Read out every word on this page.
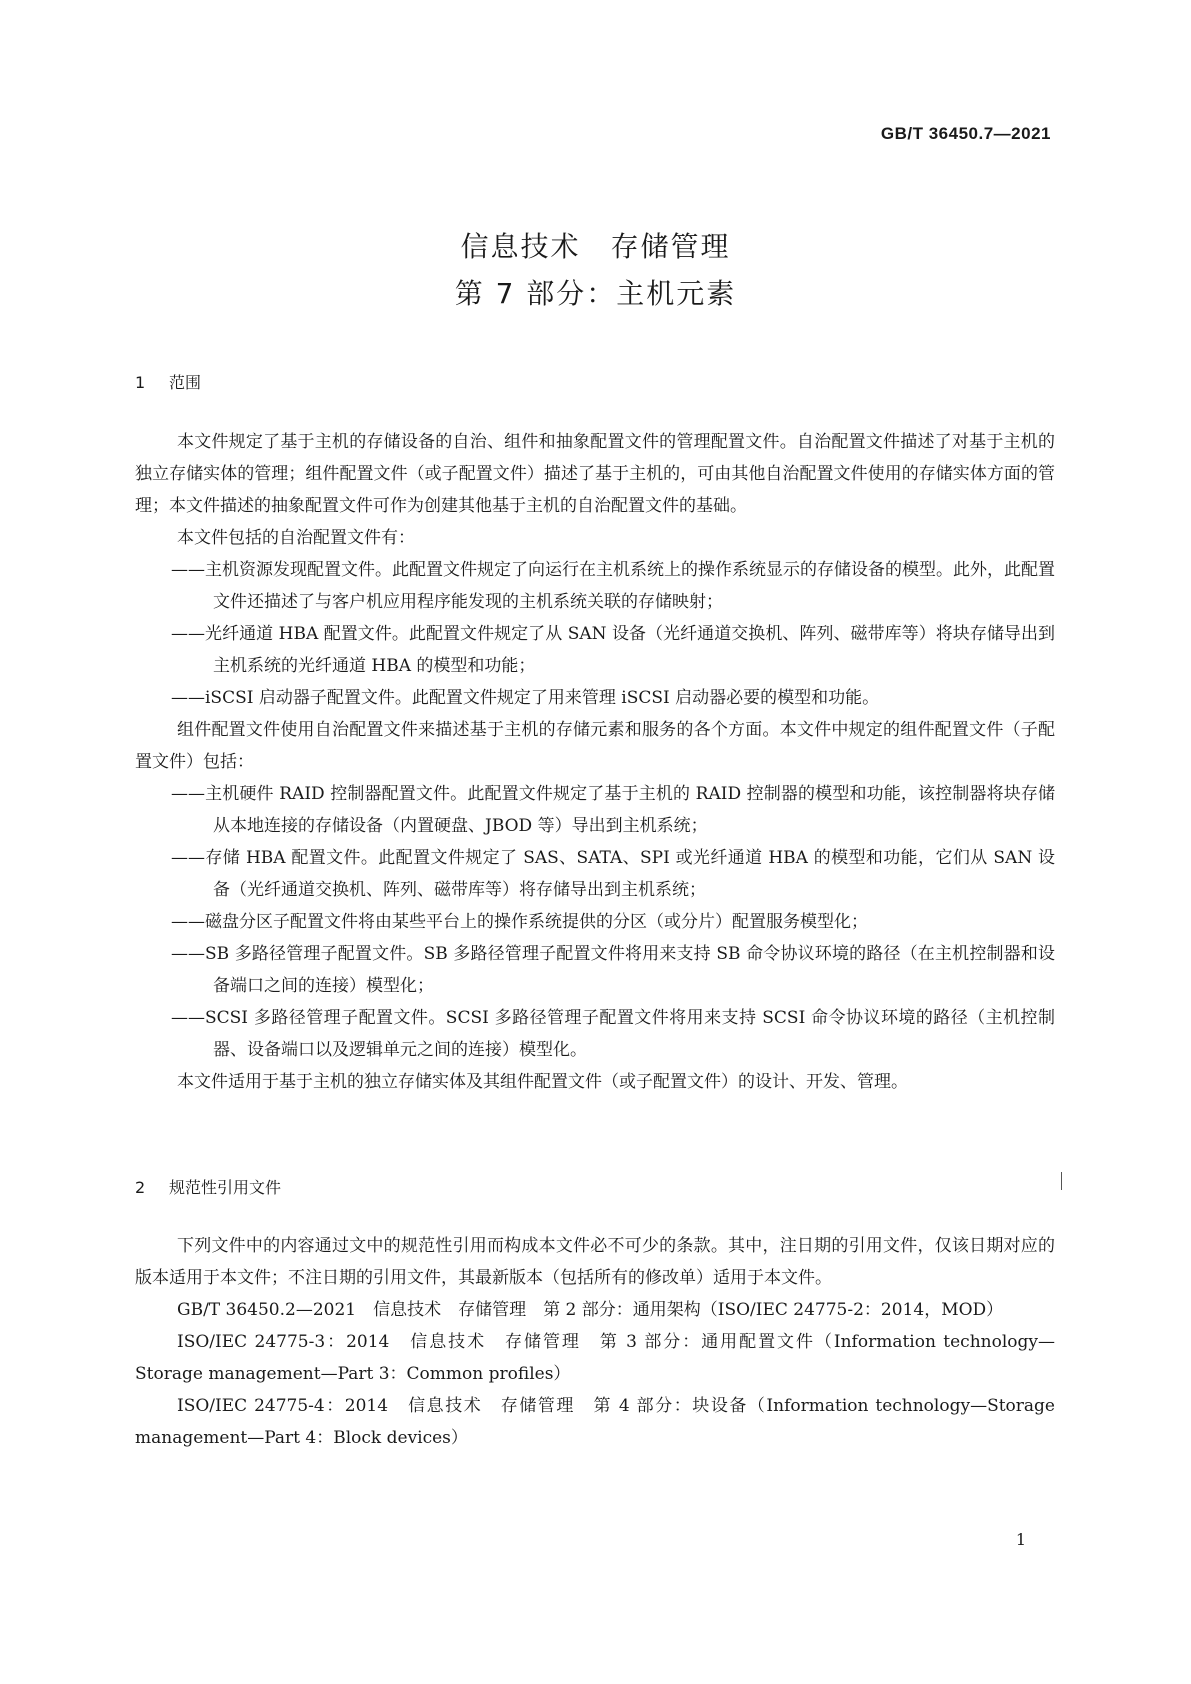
GB/T 36450.7—2021
信息技术　存储管理
第 7 部分：主机元素
1 范围

本文件规定了基于主机的存储设备的自治、组件和抽象配置文件的管理配置文件。自治配置文件描述了对基于主机的独立存储实体的管理；组件配置文件（或子配置文件）描述了基于主机的，可由其他自治配置文件使用的存储实体方面的管理；本文件描述的抽象配置文件可作为创建其他基于主机的自治配置文件的基础。

本文件包括的自治配置文件有：

——主机资源发现配置文件。此配置文件规定了向运行在主机系统上的操作系统显示的存储设备的模型。此外，此配置文件还描述了与客户机应用程序能发现的主机系统关联的存储映射；

——光纤通道 HBA 配置文件。此配置文件规定了从 SAN 设备（光纤通道交换机、阵列、磁带库等）将块存储导出到主机系统的光纤通道 HBA 的模型和功能；

——iSCSI 启动器子配置文件。此配置文件规定了用来管理 iSCSI 启动器必要的模型和功能。

组件配置文件使用自治配置文件来描述基于主机的存储元素和服务的各个方面。本文件中规定的组件配置文件（子配置文件）包括：

——主机硬件 RAID 控制器配置文件。此配置文件规定了基于主机的 RAID 控制器的模型和功能，该控制器将块存储从本地连接的存储设备（内置硬盘、JBOD 等）导出到主机系统；

——存储 HBA 配置文件。此配置文件规定了 SAS、SATA、SPI 或光纤通道 HBA 的模型和功能，它们从 SAN 设备（光纤通道交换机、阵列、磁带库等）将存储导出到主机系统；

——磁盘分区子配置文件将由某些平台上的操作系统提供的分区（或分片）配置服务模型化；

——SB 多路径管理子配置文件。SB 多路径管理子配置文件将用来支持 SB 命令协议环境的路径（在主机控制器和设备端口之间的连接）模型化；

——SCSI 多路径管理子配置文件。SCSI 多路径管理子配置文件将用来支持 SCSI 命令协议环境的路径（主机控制器、设备端口以及逻辑单元之间的连接）模型化。

本文件适用于基于主机的独立存储实体及其组件配置文件（或子配置文件）的设计、开发、管理。

2 规范性引用文件

下列文件中的内容通过文中的规范性引用而构成本文件必不可少的条款。其中，注日期的引用文件，仅该日期对应的版本适用于本文件；不注日期的引用文件，其最新版本（包括所有的修改单）适用于本文件。

GB/T 36450.2—2021　信息技术　存储管理　第 2 部分：通用架构（ISO/IEC 24775-2：2014，MOD）

ISO/IEC 24775-3：2014　信息技术　存储管理　第 3 部分：通用配置文件（Information technology—Storage management—Part 3：Common profiles）

ISO/IEC 24775-4：2014　信息技术　存储管理　第 4 部分：块设备（Information technology—Storage management—Part 4：Block devices）

1
